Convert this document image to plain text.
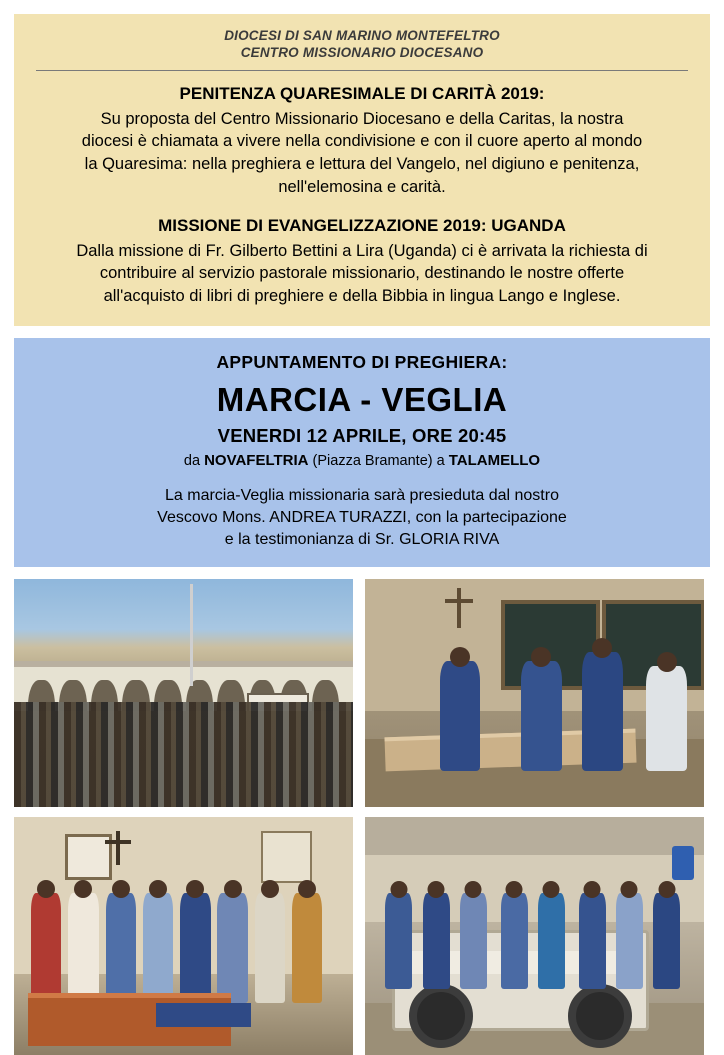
DIOCESI DI SAN MARINO MONTEFELTRO
CENTRO MISSIONARIO DIOCESANO
PENITENZA QUARESIMALE DI CARITÀ 2019:
Su proposta del Centro Missionario Diocesano e della Caritas, la nostra
diocesi è chiamata a vivere nella condivisione e con il cuore aperto al mondo
la Quaresima: nella preghiera e lettura del Vangelo, nel digiuno e penitenza,
nell'elemosina e carità.
MISSIONE DI EVANGELIZZAZIONE 2019: UGANDA
Dalla missione di Fr. Gilberto Bettini a Lira (Uganda) ci è arrivata la richiesta di
contribuire al servizio pastorale missionario, destinando le nostre offerte
all'acquisto di libri di preghiere e della Bibbia in lingua Lango e Inglese.
APPUNTAMENTO DI PREGHIERA:
MARCIA - VEGLIA
VENERDI 12 APRILE, ORE 20:45
da NOVAFELTRIA (Piazza Bramante) a TALAMELLO
La marcia-Veglia missionaria sarà presieduta dal nostro
Vescovo Mons. ANDREA TURAZZI, con la partecipazione
e la testimonianza di Sr. GLORIA RIVA
